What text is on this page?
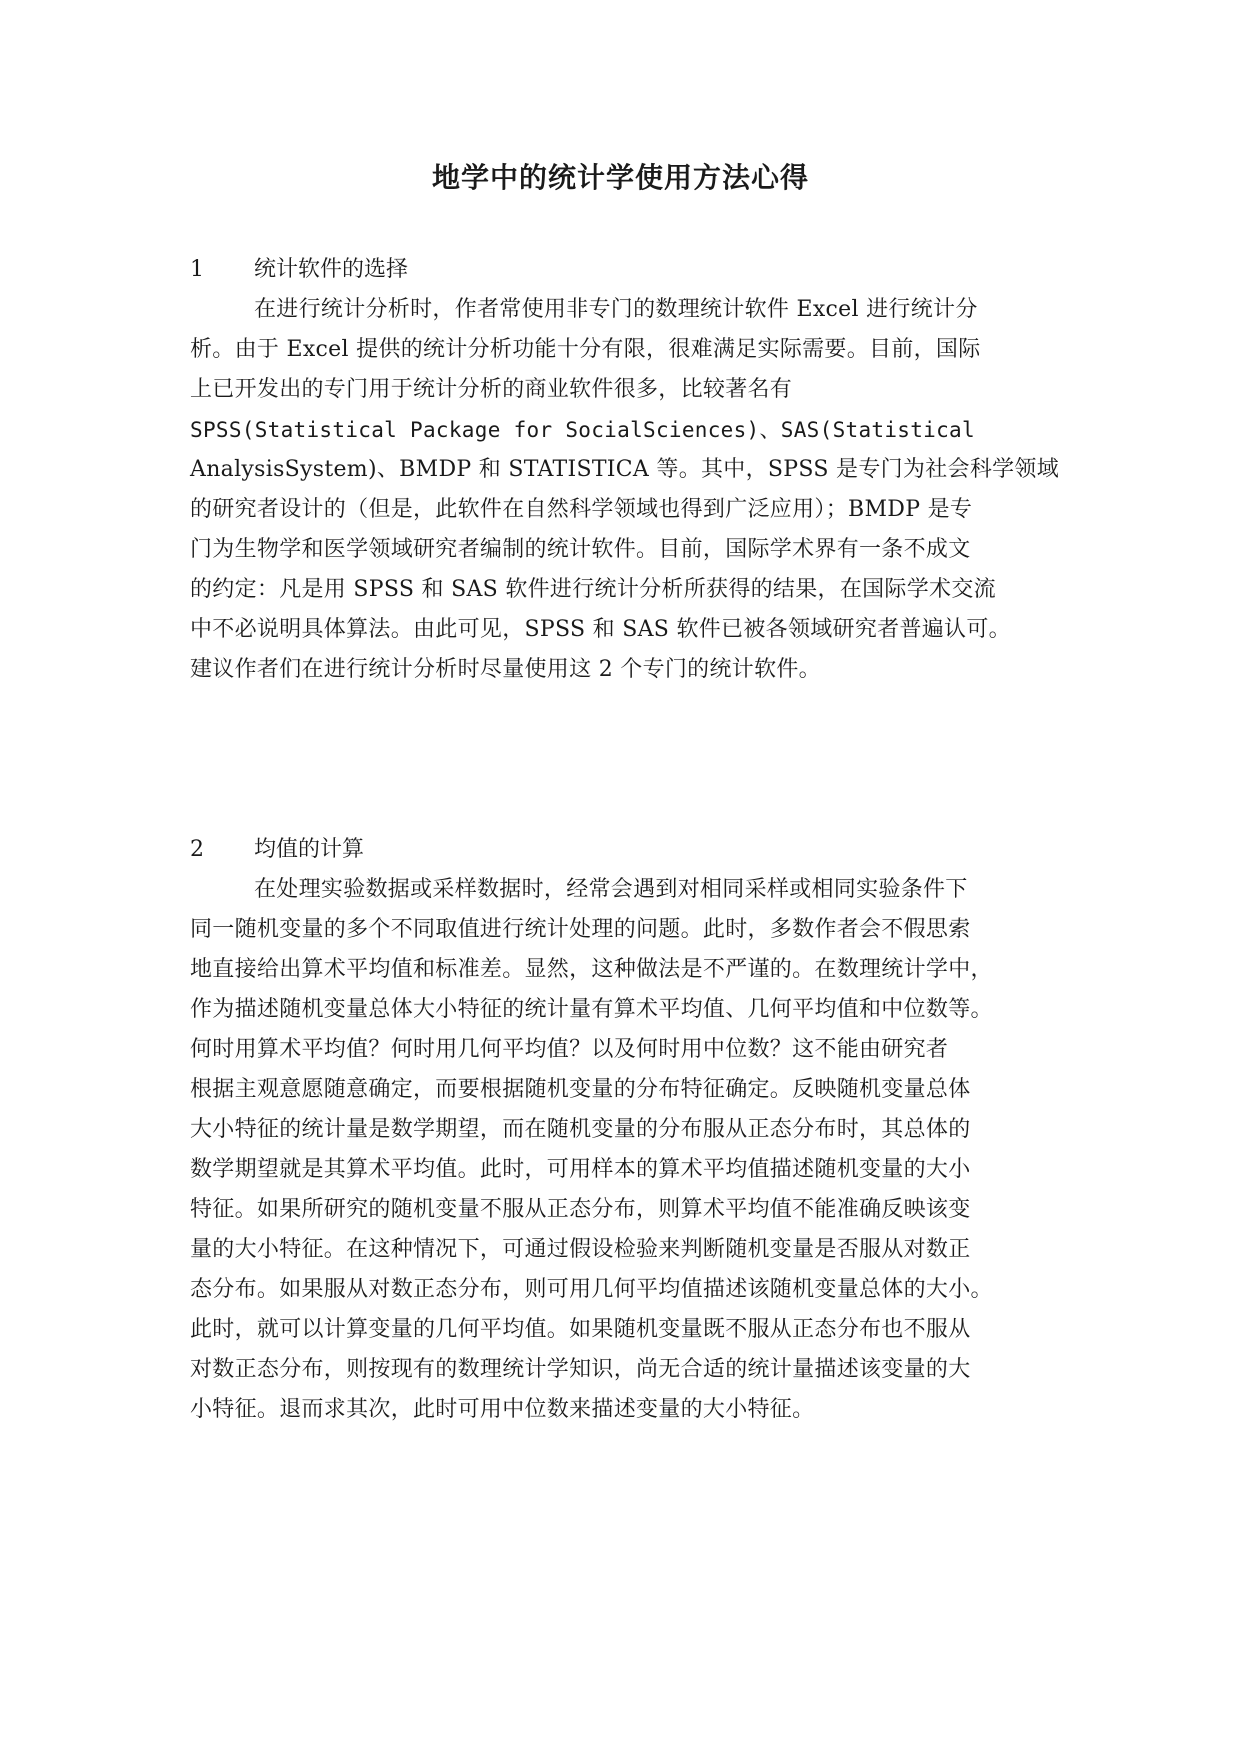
地学中的统计学使用方法心得
1	统计软件的选择
在进行统计分析时，作者常使用非专门的数理统计软件 Excel 进行统计分
析。由于 Excel 提供的统计分析功能十分有限，很难满足实际需要。目前，国际
上已开发出的专门用于统计分析的商业软件很多，比较著名有
SPSS(Statistical Package for SocialSciences)、SAS(Statistical
AnalysisSystem)、BMDP 和 STATISTICA 等。其中，SPSS 是专门为社会科学领域
的研究者设计的（但是，此软件在自然科学领域也得到广泛应用）；BMDP 是专
门为生物学和医学领域研究者编制的统计软件。目前，国际学术界有一条不成文
的约定：凡是用 SPSS 和 SAS 软件进行统计分析所获得的结果，在国际学术交流
中不必说明具体算法。由此可见，SPSS 和 SAS 软件已被各领域研究者普遍认可。
建议作者们在进行统计分析时尽量使用这 2 个专门的统计软件。
2	均值的计算
在处理实验数据或采样数据时，经常会遇到对相同采样或相同实验条件下
同一随机变量的多个不同取值进行统计处理的问题。此时，多数作者会不假思索
地直接给出算术平均值和标准差。显然，这种做法是不严谨的。在数理统计学中，
作为描述随机变量总体大小特征的统计量有算术平均值、几何平均值和中位数等。
何时用算术平均值？何时用几何平均值？以及何时用中位数？这不能由研究者
根据主观意愿随意确定，而要根据随机变量的分布特征确定。反映随机变量总体
大小特征的统计量是数学期望，而在随机变量的分布服从正态分布时，其总体的
数学期望就是其算术平均值。此时，可用样本的算术平均值描述随机变量的大小
特征。如果所研究的随机变量不服从正态分布，则算术平均值不能准确反映该变
量的大小特征。在这种情况下，可通过假设检验来判断随机变量是否服从对数正
态分布。如果服从对数正态分布，则可用几何平均值描述该随机变量总体的大小。
此时，就可以计算变量的几何平均值。如果随机变量既不服从正态分布也不服从
对数正态分布，则按现有的数理统计学知识，尚无合适的统计量描述该变量的大
小特征。退而求其次，此时可用中位数来描述变量的大小特征。
